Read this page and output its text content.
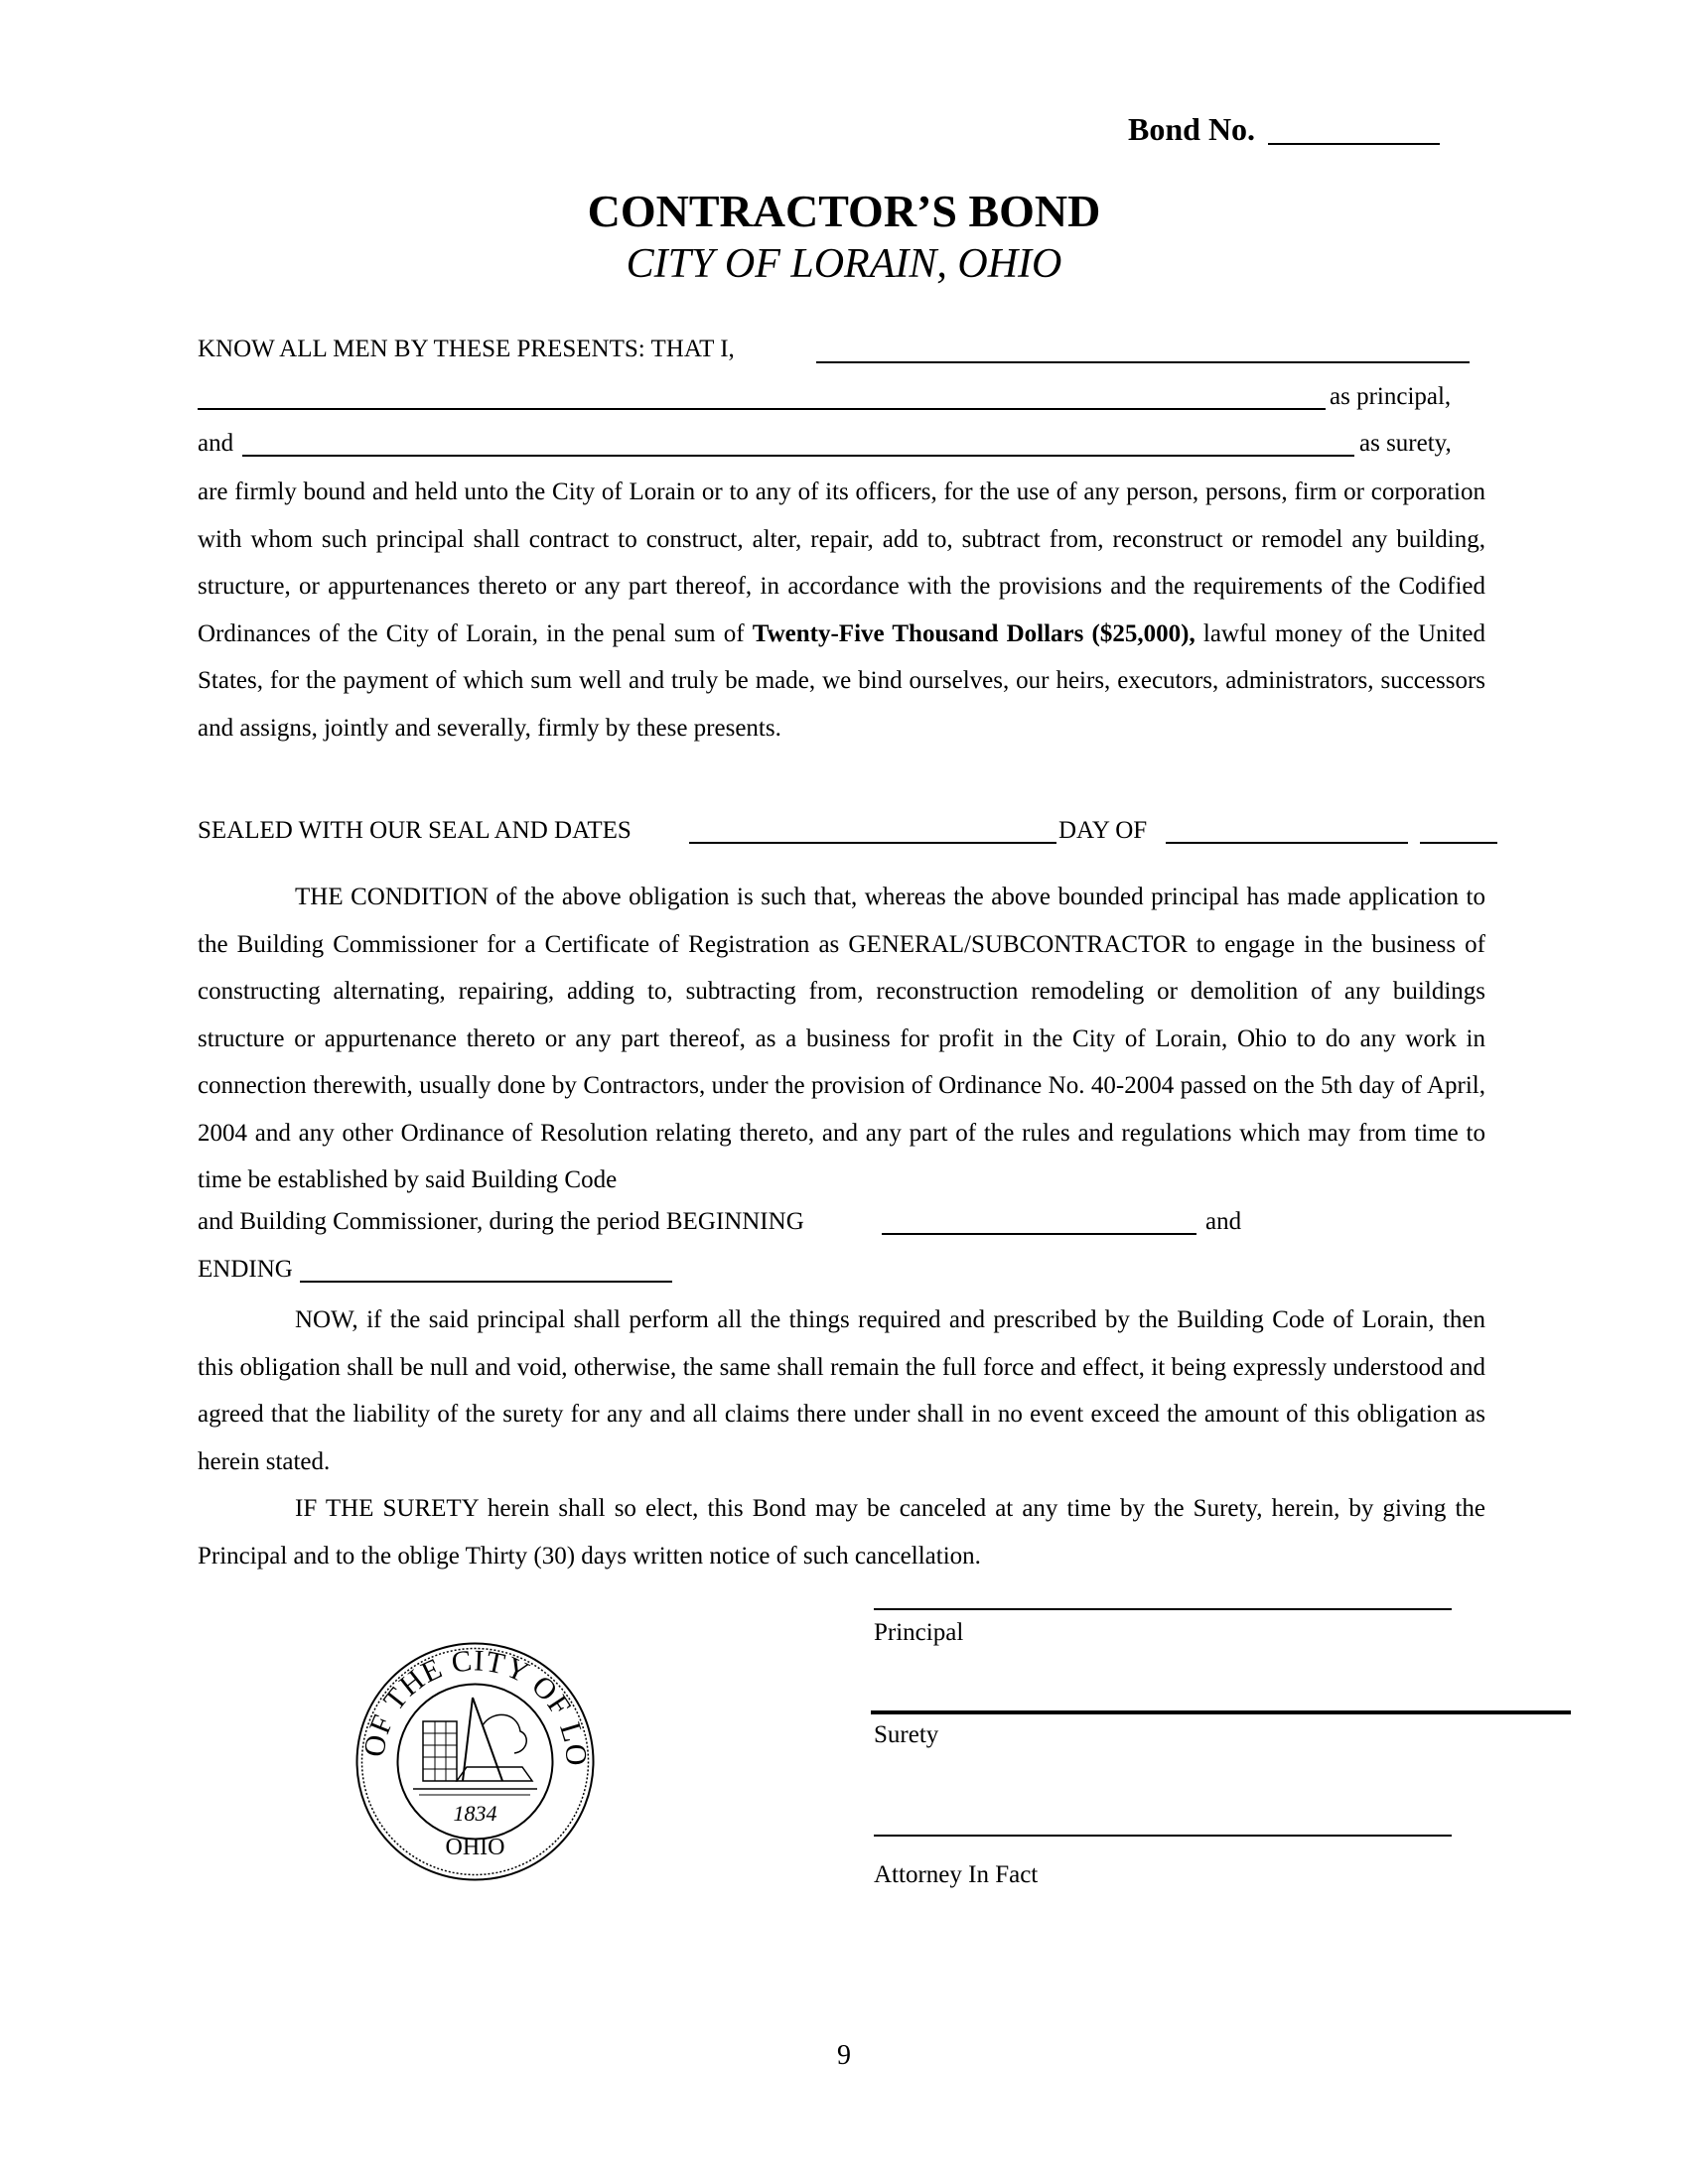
Bond No.
CONTRACTOR’S BOND
CITY OF LORAIN, OHIO
KNOW ALL MEN BY THESE PRESENTS: THAT I,
as principal,
and	as surety,
are firmly bound and held unto the City of Lorain or to any of its officers, for the use of any person, persons, firm or corporation with whom such principal shall contract to construct, alter, repair, add to, subtract from, reconstruct or remodel any building, structure, or appurtenances thereto or any part thereof, in accordance with the provisions and the requirements of the Codified Ordinances of the City of Lorain, in the penal sum of Twenty-Five Thousand Dollars ($25,000), lawful money of the United States, for the payment of which sum well and truly be made, we bind ourselves, our heirs, executors, administrators, successors and assigns, jointly and severally, firmly by these presents.
SEALED WITH OUR SEAL AND DATES	DAY OF
THE CONDITION of the above obligation is such that, whereas the above bounded principal has made application to the Building Commissioner for a Certificate of Registration as GENERAL/SUBCONTRACTOR to engage in the business of constructing alternating, repairing, adding to, subtracting from, reconstruction remodeling or demolition of any buildings structure or appurtenance thereto or any part thereof, as a business for profit in the City of Lorain, Ohio to do any work in connection therewith, usually done by Contractors, under the provision of Ordinance No. 40-2004 passed on the 5th day of April, 2004 and any other Ordinance of Resolution relating thereto, and any part of the rules and regulations which may from time to time be established by said Building Code
and Building Commissioner, during the period BEGINNING	and
ENDING
NOW, if the said principal shall perform all the things required and prescribed by the Building Code of Lorain, then this obligation shall be null and void, otherwise, the same shall remain the full force and effect, it being expressly understood and agreed that the liability of the surety for any and all claims there under shall in no event exceed the amount of this obligation as herein stated.
IF THE SURETY herein shall so elect, this Bond may be canceled at any time by the Surety, herein, by giving the Principal and to the oblige Thirty (30) days written notice of such cancellation.
Principal
Surety
Attorney In Fact
OF THE CITY OF LO
1834
OHIO
9
